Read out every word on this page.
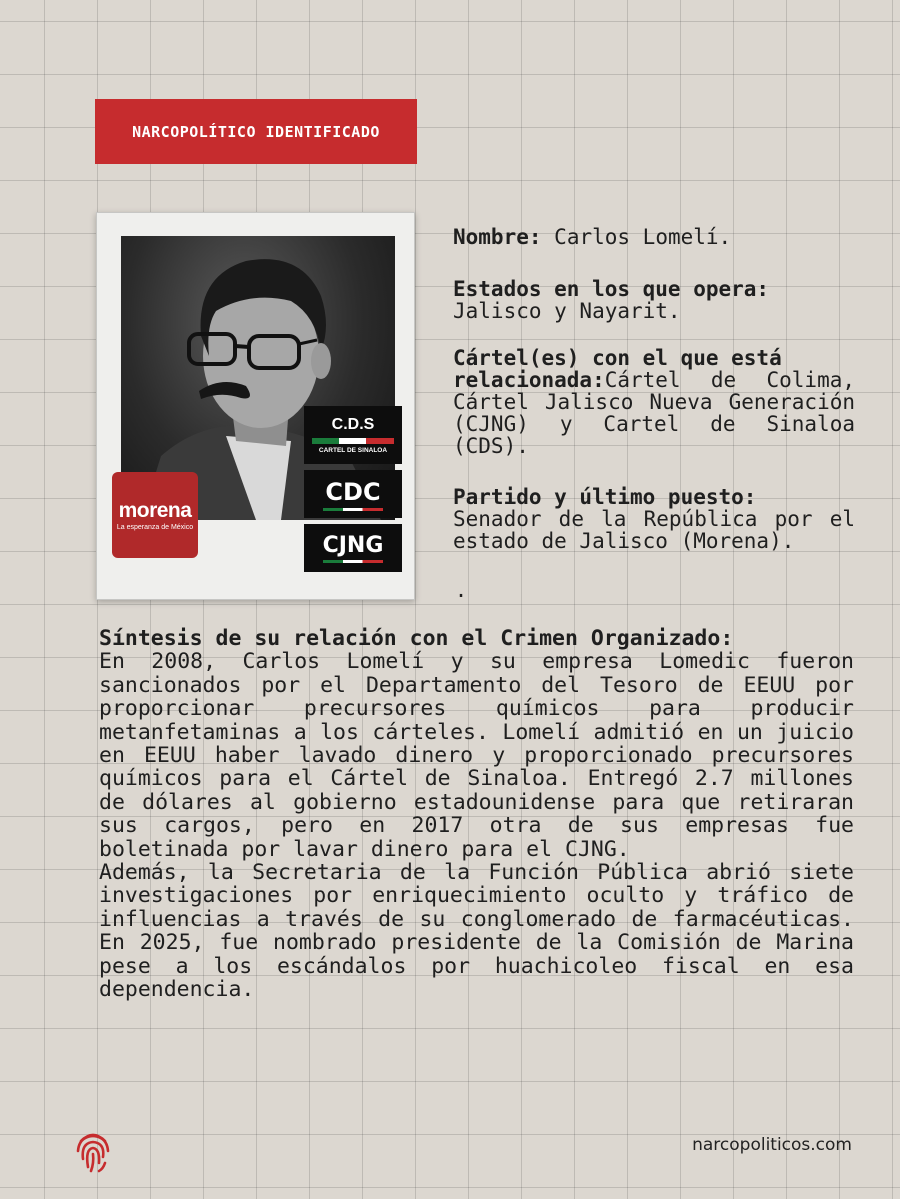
NARCOPOLÍTICO IDENTIFICADO
morena
La esperanza de México
C.D.S
CARTEL DE SINALOA
CDC
CJNG
Nombre: Carlos Lomelí.
Estados en los que opera:
Jalisco y Nayarit.
Cártel(es) con el que está
relacionada:Cártel de Colima, Cártel Jalisco Nueva Generación (CJNG) y Cartel de Sinaloa (CDS).
Partido y último puesto:
Senador de la República por el estado de Jalisco (Morena).
.
Síntesis de su relación con el Crimen Organizado:
En 2008, Carlos Lomelí y su empresa Lomedic fueron sancionados por el Departamento del Tesoro de EEUU por proporcionar precursores químicos para producir metanfetaminas a los cárteles. Lomelí admitió en un juicio en EEUU haber lavado dinero y proporcionado precursores químicos para el Cártel de Sinaloa. Entregó 2.7 millones de dólares al gobierno estadounidense para que retiraran sus cargos, pero en 2017 otra de sus empresas fue boletinada por lavar dinero para el CJNG.
Además, la Secretaria de la Función Pública abrió siete investigaciones por enriquecimiento oculto y tráfico de influencias a través de su conglomerado de farmacéuticas. En 2025, fue nombrado presidente de la Comisión de Marina pese a los escándalos por huachicoleo fiscal en esa dependencia.
narcopoliticos.com
